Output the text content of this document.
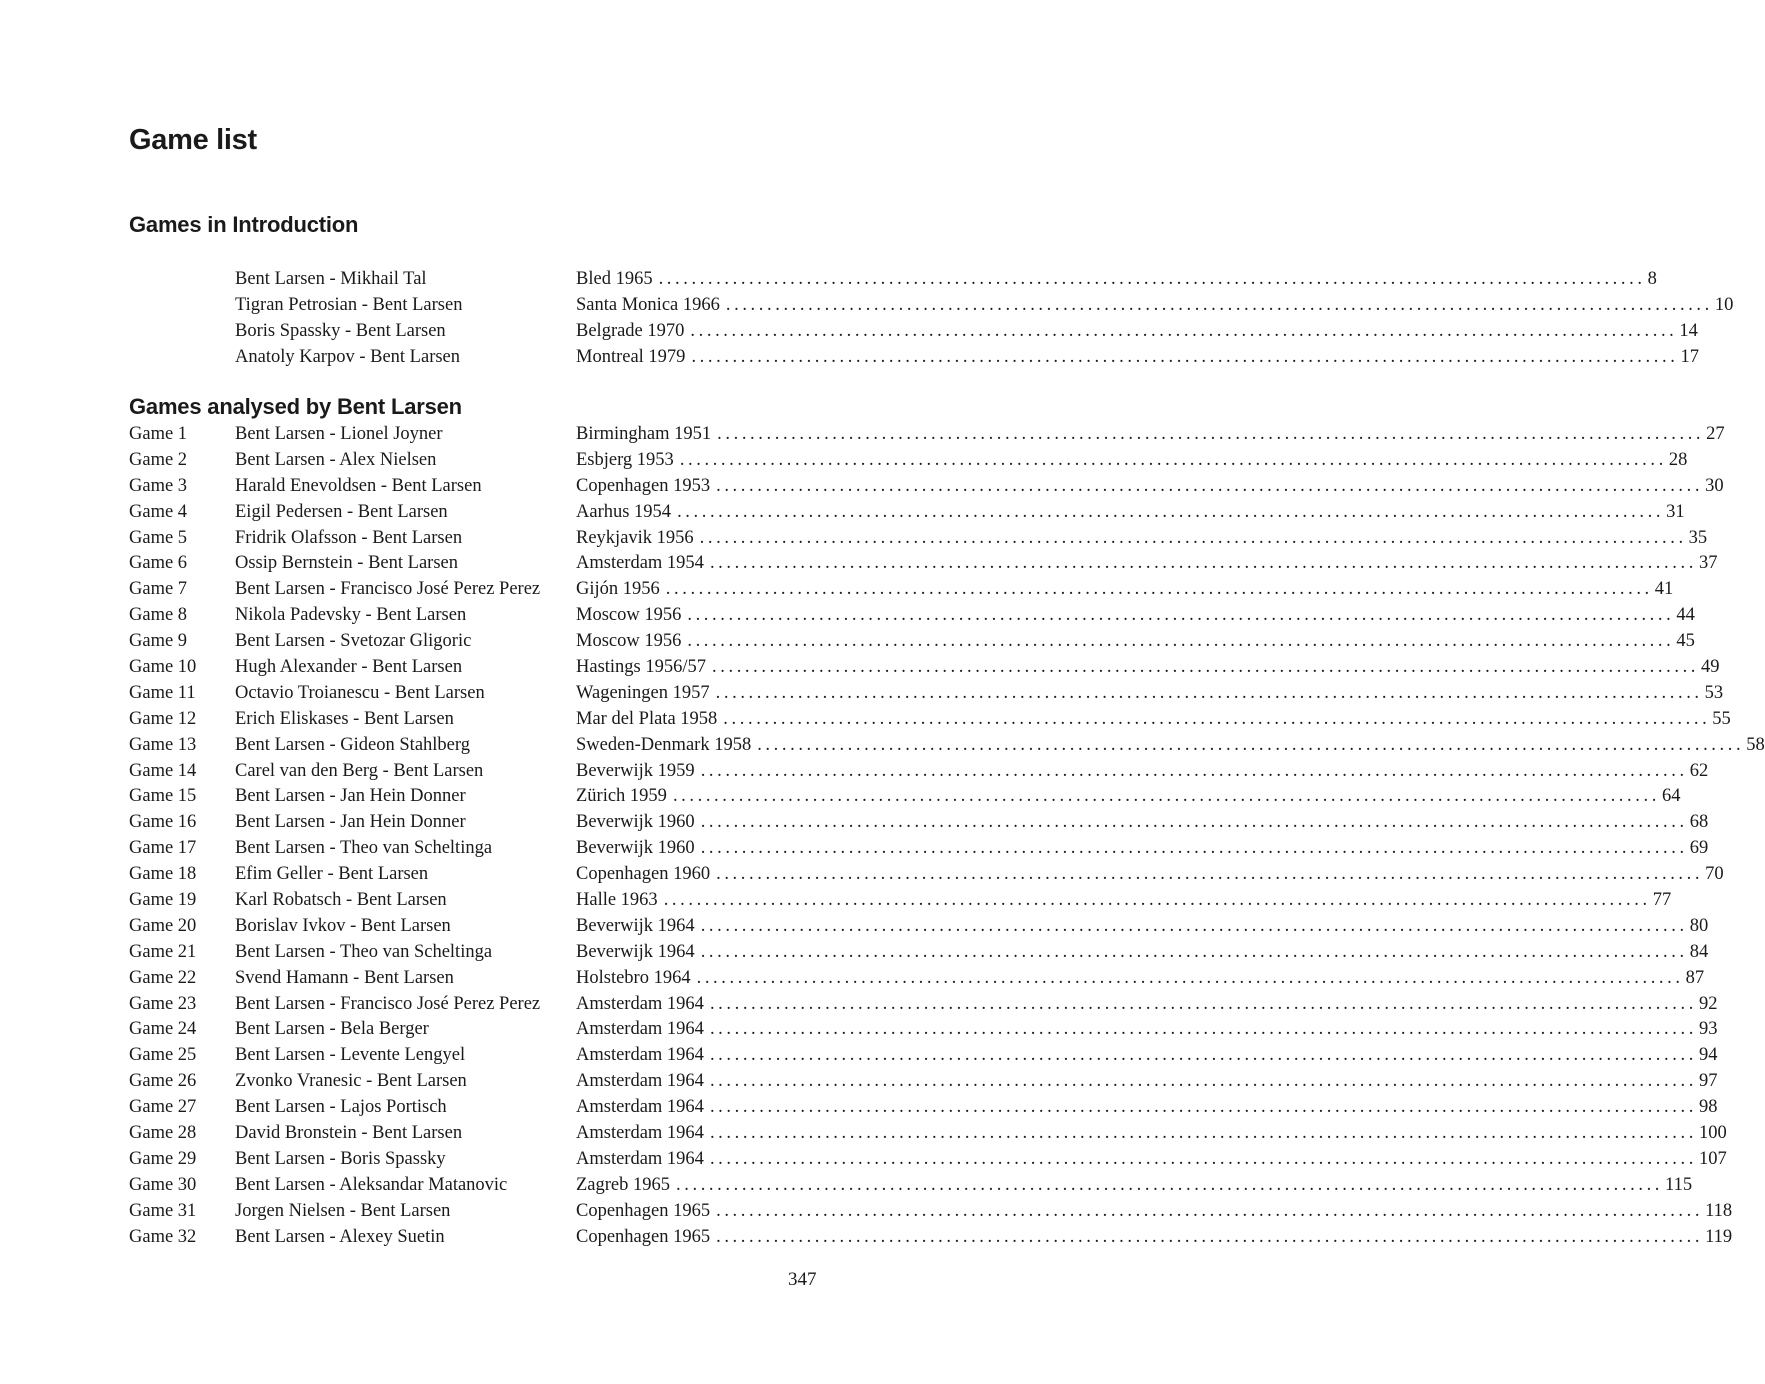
Game list
Games in Introduction
Bent Larsen - Mikhail Tal	Bled 1965 ........................................................................................................................ 8
Tigran Petrosian - Bent Larsen	Santa Monica 1966 ........................................................................................................................ 10
Boris Spassky - Bent Larsen	Belgrade 1970 ........................................................................................................................ 14
Anatoly Karpov - Bent Larsen	Montreal 1979 ........................................................................................................................ 17
Games analysed by Bent Larsen
Game 1	Bent Larsen - Lionel Joyner	Birmingham 1951 ........................................................................................................................ 27
Game 2	Bent Larsen - Alex Nielsen	Esbjerg 1953 ........................................................................................................................ 28
Game 3	Harald Enevoldsen - Bent Larsen	Copenhagen 1953 ........................................................................................................................ 30
Game 4	Eigil Pedersen - Bent Larsen	Aarhus 1954 ........................................................................................................................ 31
Game 5	Fridrik Olafsson - Bent Larsen	Reykjavik 1956 ........................................................................................................................ 35
Game 6	Ossip Bernstein - Bent Larsen	Amsterdam 1954 ........................................................................................................................ 37
Game 7	Bent Larsen - Francisco José Perez Perez Gijón 1956 ........................................................................................................................ 41
Game 8	Nikola Padevsky - Bent Larsen	Moscow 1956 ........................................................................................................................ 44
Game 9	Bent Larsen - Svetozar Gligoric	Moscow 1956 ........................................................................................................................ 45
Game 10 Hugh Alexander - Bent Larsen	Hastings 1956/57 ........................................................................................................................ 49
Game 11 Octavio Troianescu - Bent Larsen	Wageningen 1957 ........................................................................................................................ 53
Game 12 Erich Eliskases - Bent Larsen	Mar del Plata 1958 ........................................................................................................................ 55
Game 13 Bent Larsen - Gideon Stahlberg	Sweden-Denmark 1958 ........................................................................................................................ 58
Game 14 Carel van den Berg - Bent Larsen	Beverwijk 1959 ........................................................................................................................ 62
Game 15 Bent Larsen - Jan Hein Donner	Zürich 1959 ........................................................................................................................ 64
Game 16 Bent Larsen - Jan Hein Donner	Beverwijk 1960 ........................................................................................................................ 68
Game 17 Bent Larsen - Theo van Scheltinga	Beverwijk 1960 ........................................................................................................................ 69
Game 18 Efim Geller - Bent Larsen	Copenhagen 1960 ........................................................................................................................ 70
Game 19 Karl Robatsch - Bent Larsen	Halle 1963 ........................................................................................................................ 77
Game 20 Borislav Ivkov - Bent Larsen	Beverwijk 1964 ........................................................................................................................ 80
Game 21 Bent Larsen - Theo van Scheltinga	Beverwijk 1964 ........................................................................................................................ 84
Game 22 Svend Hamann - Bent Larsen	Holstebro 1964 ........................................................................................................................ 87
Game 23 Bent Larsen - Francisco José Perez Perez Amsterdam 1964 ........................................................................................................................ 92
Game 24 Bent Larsen - Bela Berger	Amsterdam 1964 ........................................................................................................................ 93
Game 25 Bent Larsen - Levente Lengyel	Amsterdam 1964 ........................................................................................................................ 94
Game 26 Zvonko Vranesic - Bent Larsen	Amsterdam 1964 ........................................................................................................................ 97
Game 27 Bent Larsen - Lajos Portisch	Amsterdam 1964 ........................................................................................................................ 98
Game 28 David Bronstein - Bent Larsen	Amsterdam 1964 ........................................................................................................................ 100
Game 29 Bent Larsen - Boris Spassky	Amsterdam 1964 ........................................................................................................................ 107
Game 30 Bent Larsen - Aleksandar Matanovic	Zagreb 1965 ........................................................................................................................ 115
Game 31 Jorgen Nielsen - Bent Larsen	Copenhagen 1965 ........................................................................................................................ 118
Game 32 Bent Larsen - Alexey Suetin	Copenhagen 1965 ........................................................................................................................ 119
347
